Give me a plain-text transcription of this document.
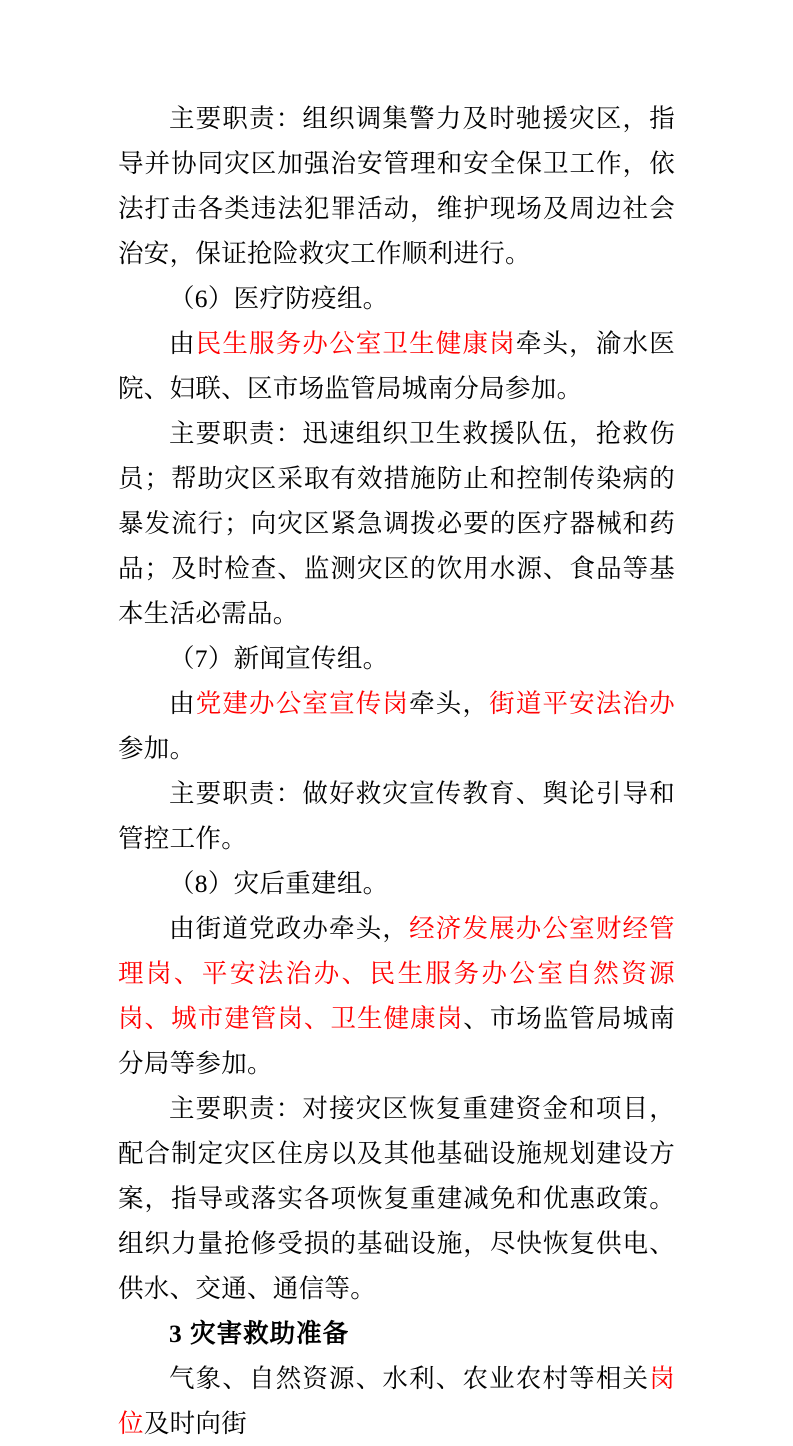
主要职责：组织调集警力及时驰援灾区，指导并协同灾区加强治安管理和安全保卫工作，依法打击各类违法犯罪活动，维护现场及周边社会治安，保证抢险救灾工作顺利进行。

（6）医疗防疫组。

由民生服务办公室卫生健康岗牵头，渝水医院、妇联、区市场监管局城南分局参加。

主要职责：迅速组织卫生救援队伍，抢救伤员；帮助灾区采取有效措施防止和控制传染病的暴发流行；向灾区紧急调拨必要的医疗器械和药品；及时检查、监测灾区的饮用水源、食品等基本生活必需品。

（7）新闻宣传组。

由党建办公室宣传岗牵头，街道平安法治办参加。

主要职责：做好救灾宣传教育、舆论引导和管控工作。

（8）灾后重建组。

由街道党政办牵头，经济发展办公室财经管理岗、平安法治办、民生服务办公室自然资源岗、城市建管岗、卫生健康岗、市场监管局城南分局等参加。

主要职责：对接灾区恢复重建资金和项目，配合制定灾区住房以及其他基础设施规划建设方案，指导或落实各项恢复重建减免和优惠政策。组织力量抢修受损的基础设施，尽快恢复供电、供水、交通、通信等。

3 灾害救助准备

气象、自然资源、水利、农业农村等相关岗位及时向街
